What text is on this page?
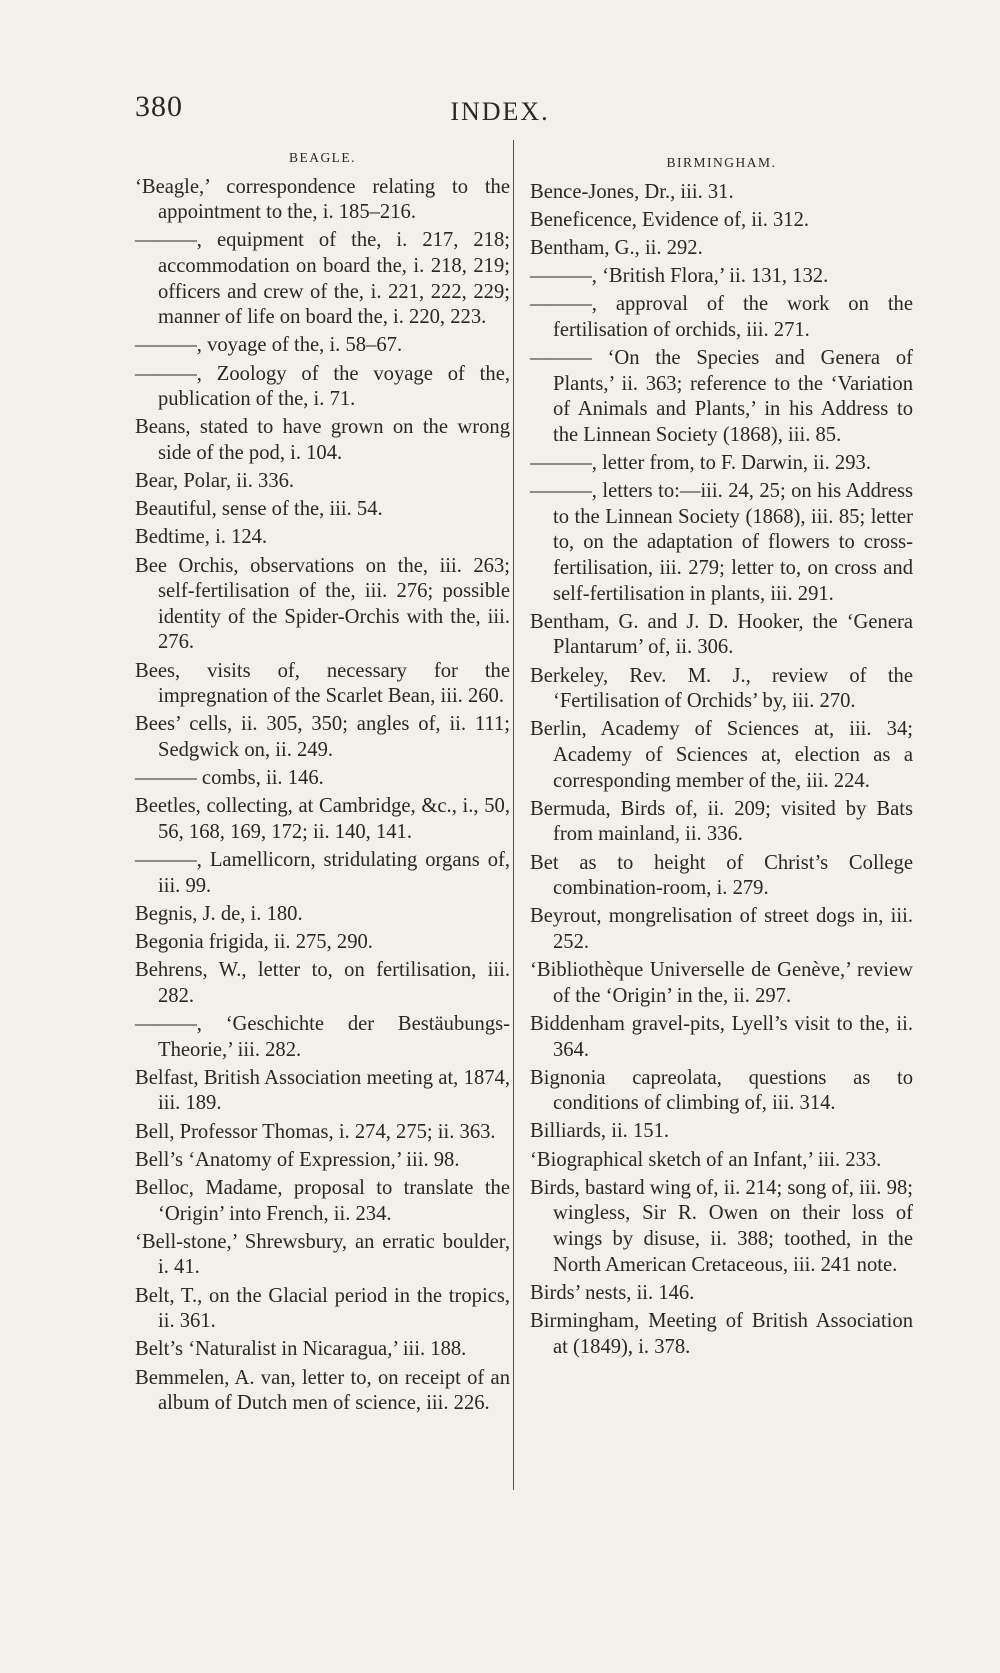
380	INDEX.
BEAGLE.
‘Beagle,’ correspondence relating to the appointment to the, i. 185–216.
———, equipment of the, i. 217, 218; accommodation on board the, i. 218, 219; officers and crew of the, i. 221, 222, 229; manner of life on board the, i. 220, 223.
———, voyage of the, i. 58–67.
———, Zoology of the voyage of the, publication of the, i. 71.
Beans, stated to have grown on the wrong side of the pod, i. 104.
Bear, Polar, ii. 336.
Beautiful, sense of the, iii. 54.
Bedtime, i. 124.
Bee Orchis, observations on the, iii. 263; self-fertilisation of the, iii. 276; possible identity of the Spider-Orchis with the, iii. 276.
Bees, visits of, necessary for the impregnation of the Scarlet Bean, iii. 260.
Bees’ cells, ii. 305, 350; angles of, ii. 111; Sedgwick on, ii. 249.
——— combs, ii. 146.
Beetles, collecting, at Cambridge, &c., i., 50, 56, 168, 169, 172; ii. 140, 141.
———, Lamellicorn, stridulating organs of, iii. 99.
Begnis, J. de, i. 180.
Begonia frigida, ii. 275, 290.
Behrens, W., letter to, on fertilisation, iii. 282.
———, ‘Geschichte der Bestäubungs-Theorie,’ iii. 282.
Belfast, British Association meeting at, 1874, iii. 189.
Bell, Professor Thomas, i. 274, 275; ii. 363.
Bell’s ‘Anatomy of Expression,’ iii. 98.
Belloc, Madame, proposal to translate the ‘Origin’ into French, ii. 234.
‘Bell-stone,’ Shrewsbury, an erratic boulder, i. 41.
Belt, T., on the Glacial period in the tropics, ii. 361.
Belt’s ‘Naturalist in Nicaragua,’ iii. 188.
Bemmelen, A. van, letter to, on receipt of an album of Dutch men of science, iii. 226.
BIRMINGHAM.
Bence-Jones, Dr., iii. 31.
Beneficence, Evidence of, ii. 312.
Bentham, G., ii. 292.
———, ‘British Flora,’ ii. 131, 132.
———, approval of the work on the fertilisation of orchids, iii. 271.
——— ‘On the Species and Genera of Plants,’ ii. 363; reference to the ‘Variation of Animals and Plants,’ in his Address to the Linnean Society (1868), iii. 85.
———, letter from, to F. Darwin, ii. 293.
———, letters to:—iii. 24, 25; on his Address to the Linnean Society (1868), iii. 85; letter to, on the adaptation of flowers to cross-fertilisation, iii. 279; letter to, on cross and self-fertilisation in plants, iii. 291.
Bentham, G. and J. D. Hooker, the ‘Genera Plantarum’ of, ii. 306.
Berkeley, Rev. M. J., review of the ‘Fertilisation of Orchids’ by, iii. 270.
Berlin, Academy of Sciences at, iii. 34; Academy of Sciences at, election as a corresponding member of the, iii. 224.
Bermuda, Birds of, ii. 209; visited by Bats from mainland, ii. 336.
Bet as to height of Christ’s College combination-room, i. 279.
Beyrout, mongrelisation of street dogs in, iii. 252.
‘Bibliothèque Universelle de Genève,’ review of the ‘Origin’ in the, ii. 297.
Biddenham gravel-pits, Lyell’s visit to the, ii. 364.
Bignonia capreolata, questions as to conditions of climbing of, iii. 314.
Billiards, ii. 151.
‘Biographical sketch of an Infant,’ iii. 233.
Birds, bastard wing of, ii. 214; song of, iii. 98; wingless, Sir R. Owen on their loss of wings by disuse, ii. 388; toothed, in the North American Cretaceous, iii. 241 note.
Birds’ nests, ii. 146.
Birmingham, Meeting of British Association at (1849), i. 378.
